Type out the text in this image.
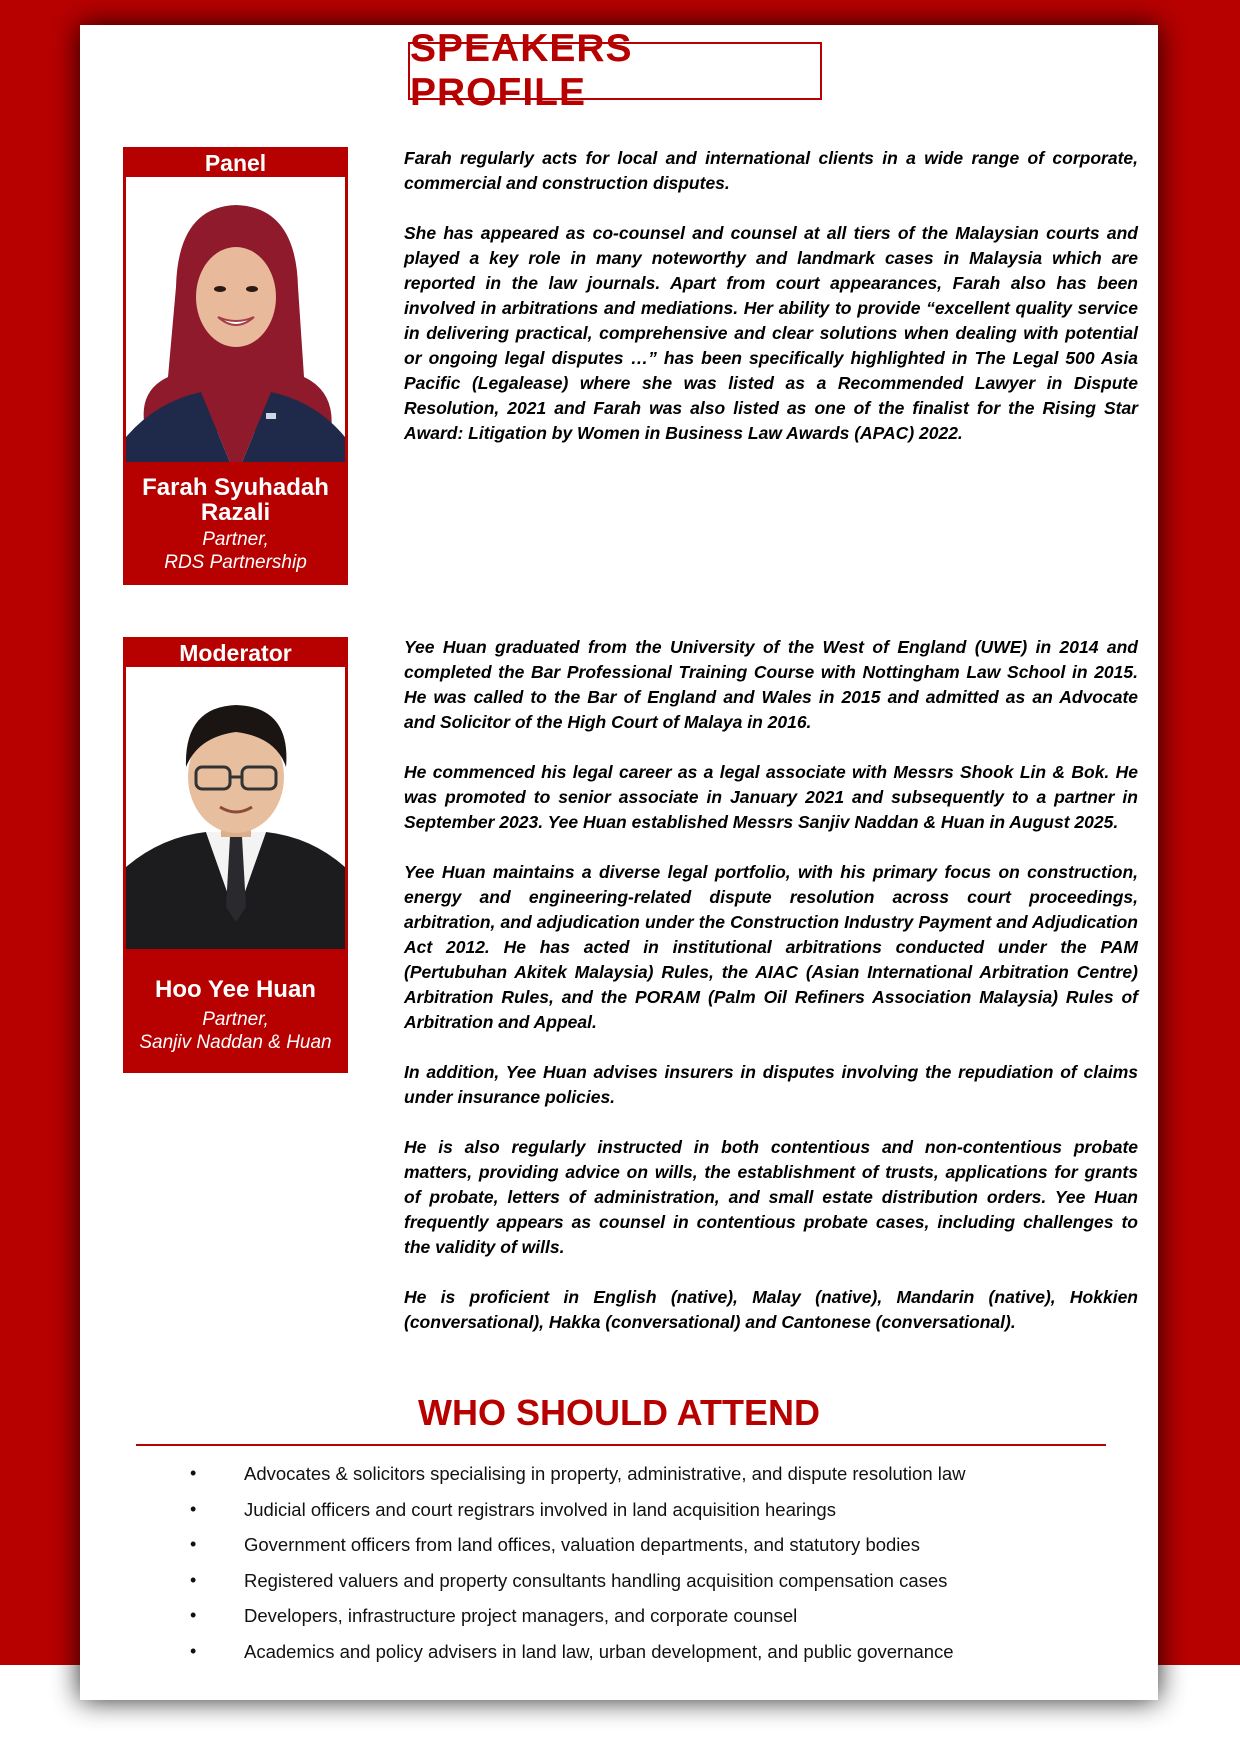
SPEAKERS PROFILE
Panel
Farah Syuhadah Razali
Partner,
RDS Partnership

Farah regularly acts for local and international clients in a wide range of corporate, commercial and construction disputes.

She has appeared as co-counsel and counsel at all tiers of the Malaysian courts and played a key role in many noteworthy and landmark cases in Malaysia which are reported in the law journals. Apart from court appearances, Farah also has been involved in arbitrations and mediations. Her ability to provide “excellent quality service in delivering practical, comprehensive and clear solutions when dealing with potential or ongoing legal disputes …” has been specifically highlighted in The Legal 500 Asia Pacific (Legalease) where she was listed as a Recommended Lawyer in Dispute Resolution, 2021 and Farah was also listed as one of the finalist for the Rising Star Award: Litigation by Women in Business Law Awards (APAC) 2022.

Moderator
Hoo Yee Huan
Partner,
Sanjiv Naddan & Huan

Yee Huan graduated from the University of the West of England (UWE) in 2014 and completed the Bar Professional Training Course with Nottingham Law School in 2015. He was called to the Bar of England and Wales in 2015 and admitted as an Advocate and Solicitor of the High Court of Malaya in 2016.

He commenced his legal career as a legal associate with Messrs Shook Lin & Bok. He was promoted to senior associate in January 2021 and subsequently to a partner in September 2023. Yee Huan established Messrs Sanjiv Naddan & Huan in August 2025.

Yee Huan maintains a diverse legal portfolio, with his primary focus on construction, energy and engineering-related dispute resolution across court proceedings, arbitration, and adjudication under the Construction Industry Payment and Adjudication Act 2012. He has acted in institutional arbitrations conducted under the PAM (Pertubuhan Akitek Malaysia) Rules, the AIAC (Asian International Arbitration Centre) Arbitration Rules, and the PORAM (Palm Oil Refiners Association Malaysia) Rules of Arbitration and Appeal.

In addition, Yee Huan advises insurers in disputes involving the repudiation of claims under insurance policies.

He is also regularly instructed in both contentious and non-contentious probate matters, providing advice on wills, the establishment of trusts, applications for grants of probate, letters of administration, and small estate distribution orders. Yee Huan frequently appears as counsel in contentious probate cases, including challenges to the validity of wills.

He is proficient in English (native), Malay (native), Mandarin (native), Hokkien (conversational), Hakka (conversational) and Cantonese (conversational).

WHO SHOULD ATTEND
•	Advocates & solicitors specialising in property, administrative, and dispute resolution law
•	Judicial officers and court registrars involved in land acquisition hearings
•	Government officers from land offices, valuation departments, and statutory bodies
•	Registered valuers and property consultants handling acquisition compensation cases
•	Developers, infrastructure project managers, and corporate counsel
•	Academics and policy advisers in land law, urban development, and public governance
